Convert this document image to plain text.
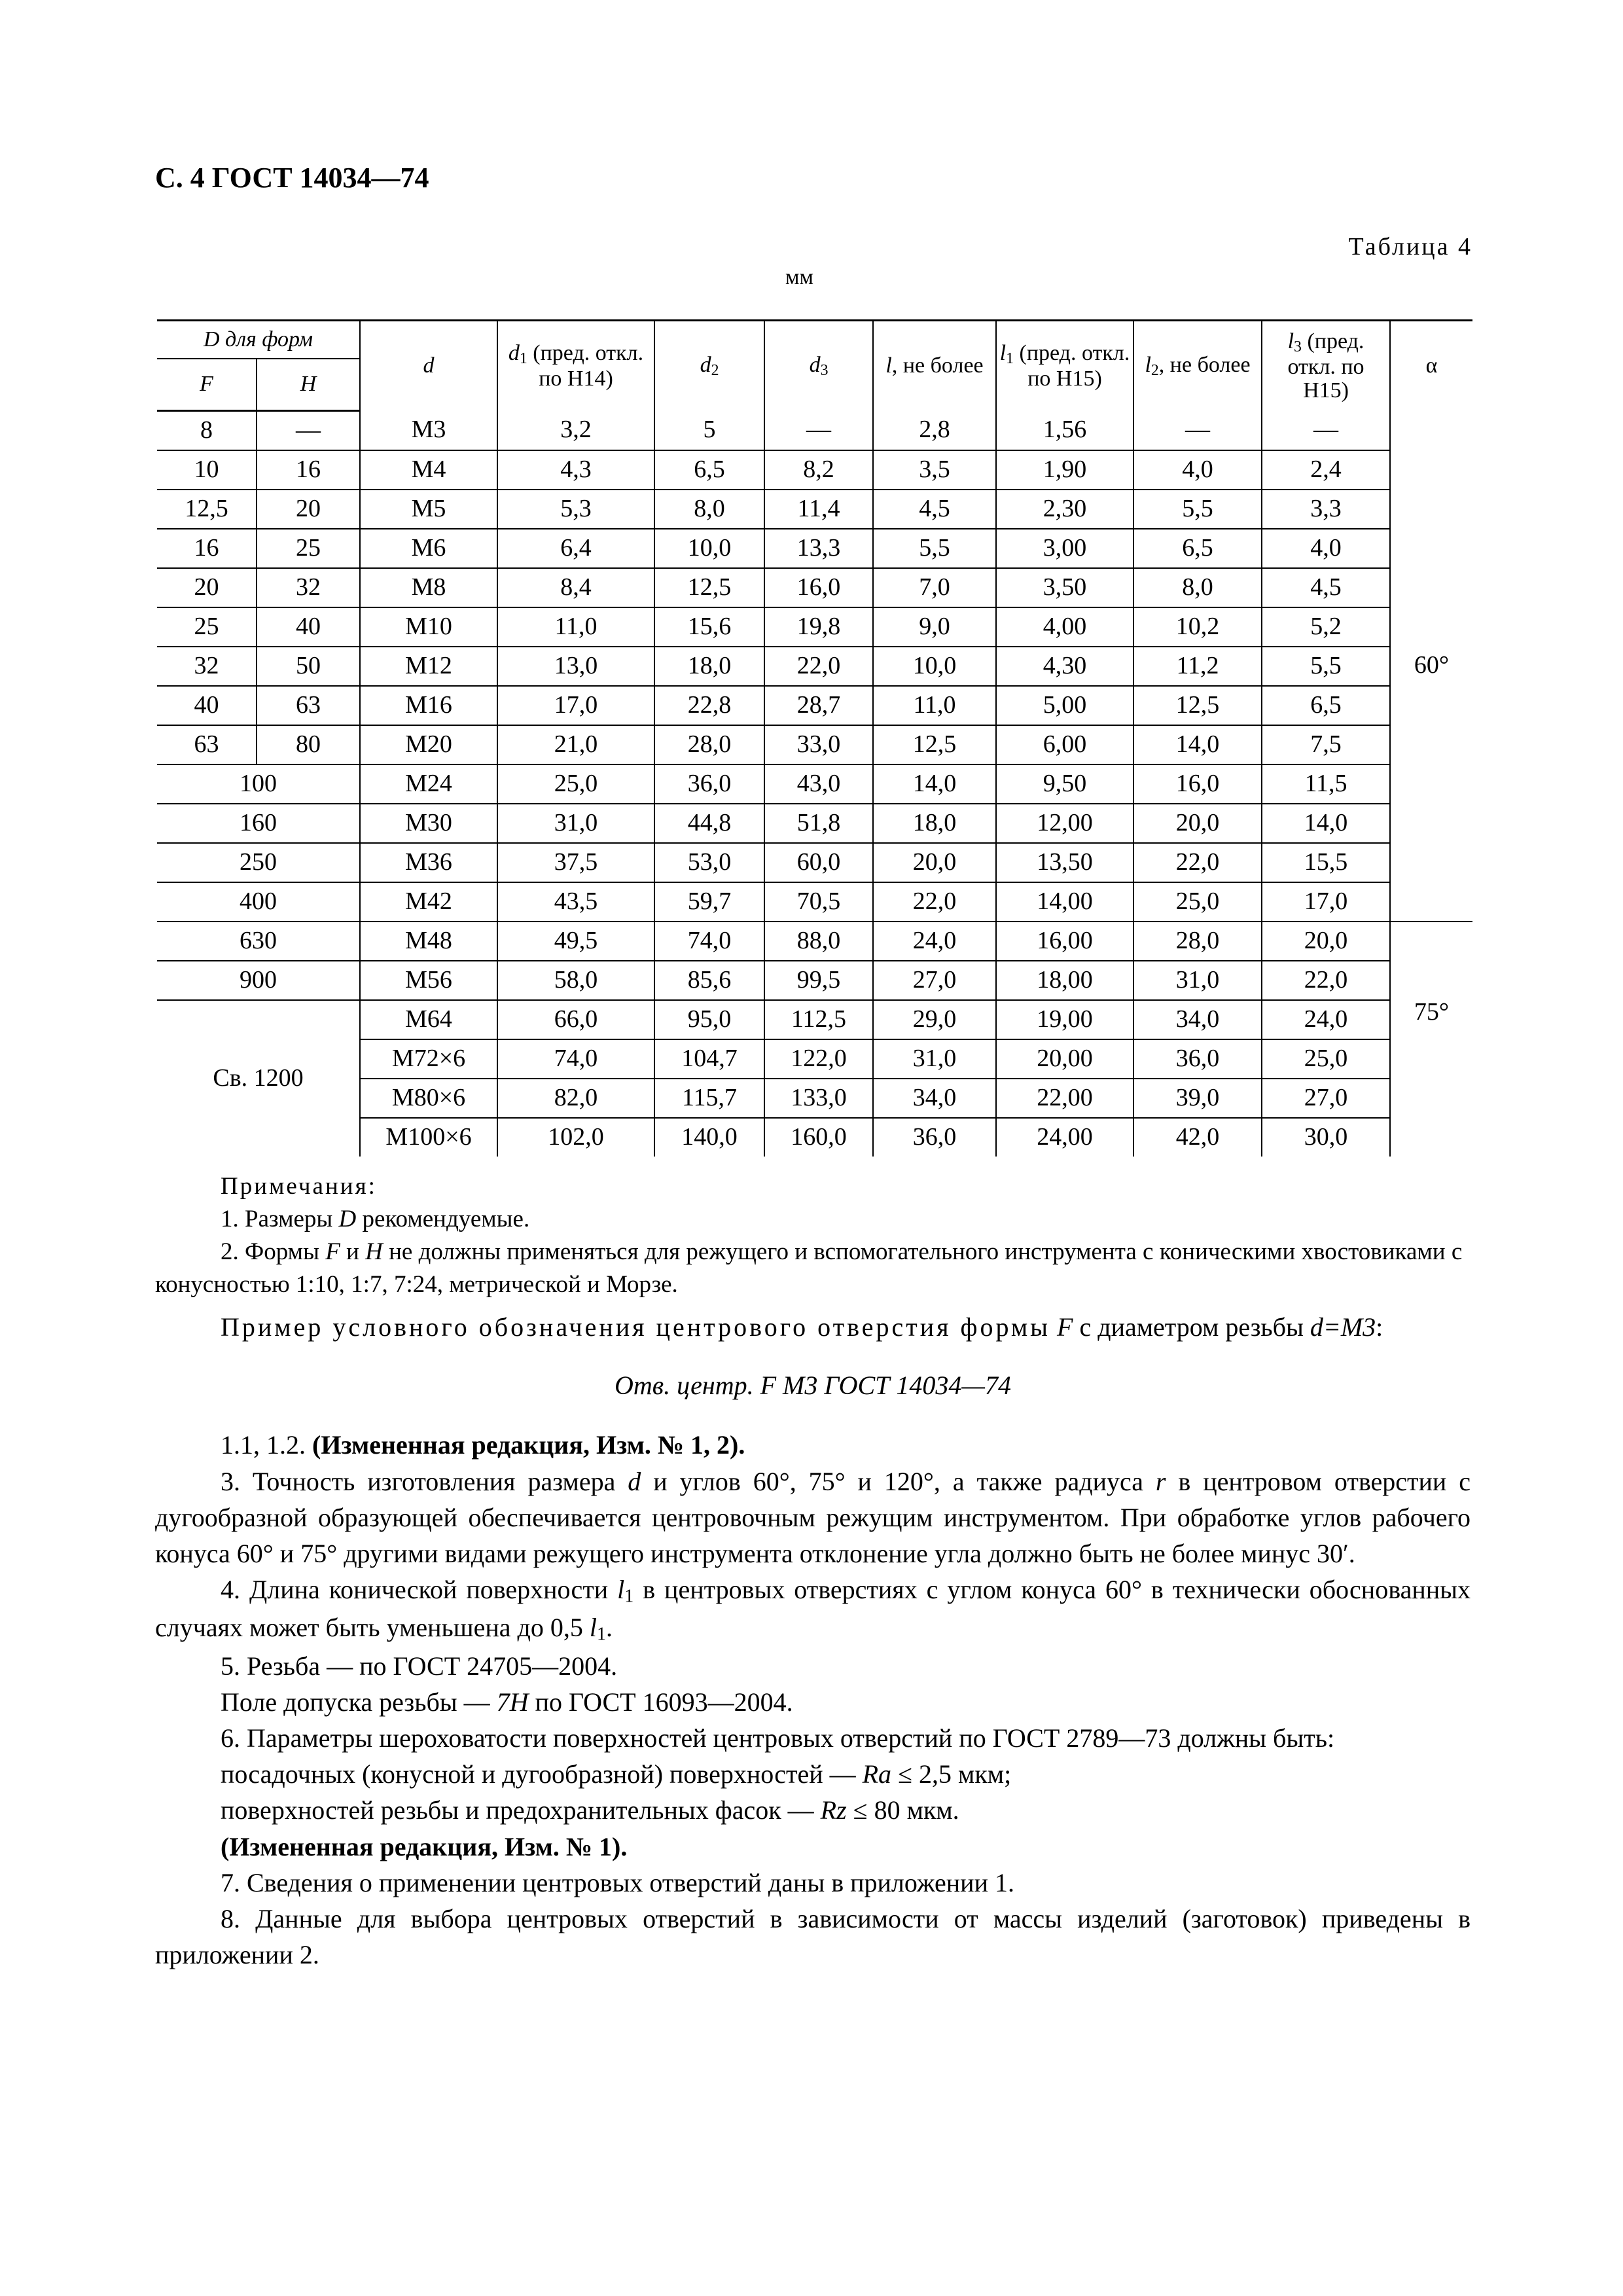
С. 4 ГОСТ 14034—74
Таблица 4
мм
D для форм		d	d1 (пред. откл. по H14)	d2	d3	l, не более	l1 (пред. откл. по H15)	l2, не более	l3 (пред. откл. по H15)	α
F	H									
8	—	M3	3,2	5	—	2,8	1,56	—	—	60°
10	16	M4	4,3	6,5	8,2	3,5	1,90	4,0	2,4	
12,5	20	M5	5,3	8,0	11,4	4,5	2,30	5,5	3,3	
16	25	M6	6,4	10,0	13,3	5,5	3,00	6,5	4,0	
20	32	M8	8,4	12,5	16,0	7,0	3,50	8,0	4,5	
25	40	M10	11,0	15,6	19,8	9,0	4,00	10,2	5,2	
32	50	M12	13,0	18,0	22,0	10,0	4,30	11,2	5,5	
40	63	M16	17,0	22,8	28,7	11,0	5,00	12,5	6,5	
63	80	M20	21,0	28,0	33,0	12,5	6,00	14,0	7,5	
100		M24	25,0	36,0	43,0	14,0	9,50	16,0	11,5	
160		M30	31,0	44,8	51,8	18,0	12,00	20,0	14,0	
250		M36	37,5	53,0	60,0	20,0	13,50	22,0	15,5	
400		M42	43,5	59,7	70,5	22,0	14,00	25,0	17,0	
630		M48	49,5	74,0	88,0	24,0	16,00	28,0	20,0	75°
900		M56	58,0	85,6	99,5	27,0	18,00	31,0	22,0	
Св. 1200		M64	66,0	95,0	112,5	29,0	19,00	34,0	24,0	
		M72×6	74,0	104,7	122,0	31,0	20,00	36,0	25,0	
		M80×6	82,0	115,7	133,0	34,0	22,00	39,0	27,0	
		M100×6	102,0	140,0	160,0	36,0	24,00	42,0	30,0	

Примечания:

1. Размеры D рекомендуемые.

2. Формы F и H не должны применяться для режущего и вспомогательного инструмента с коническими хвостовиками с конусностью 1:10, 1:7, 7:24, метрической и Морзе.

Пример условного обозначения центрового отверстия формы F с диаметром резьбы d=M3:

Отв. центр. F M3 ГОСТ 14034—74

1.1, 1.2. (Измененная редакция, Изм. № 1, 2).

3. Точность изготовления размера d и углов 60°, 75° и 120°, а также радиуса r в центровом отверстии с дугообразной образующей обеспечивается центровочным режущим инструментом. При обработке углов рабочего конуса 60° и 75° другими видами режущего инструмента отклонение угла должно быть не более минус 30′.

4. Длина конической поверхности l1 в центровых отверстиях с углом конуса 60° в технически обоснованных случаях может быть уменьшена до 0,5 l1.

5. Резьба — по ГОСТ 24705—2004.

Поле допуска резьбы — 7H по ГОСТ 16093—2004.

6. Параметры шероховатости поверхностей центровых отверстий по ГОСТ 2789—73 должны быть:

посадочных (конусной и дугообразной) поверхностей — Ra ≤ 2,5 мкм;

поверхностей резьбы и предохранительных фасок — Rz ≤ 80 мкм.

(Измененная редакция, Изм. № 1).

7. Сведения о применении центровых отверстий даны в приложении 1.

8. Данные для выбора центровых отверстий в зависимости от массы изделий (заготовок) приведены в приложении 2.
